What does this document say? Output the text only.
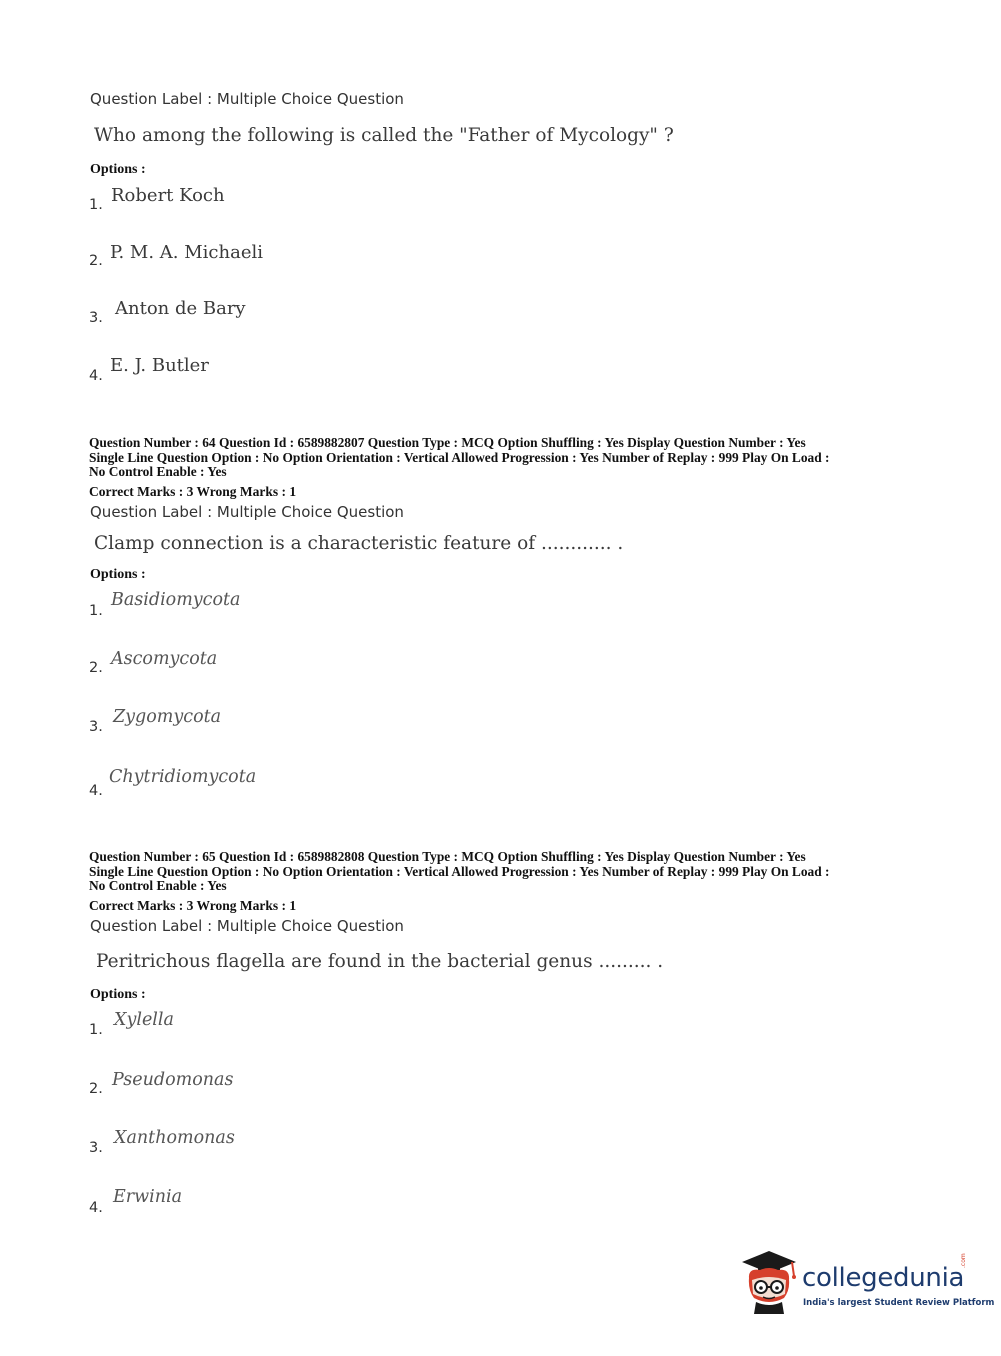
Question Label : Multiple Choice Question
Who among the following is called the "Father of Mycology" ?
Options :
1. Robert Koch
2. P. M. A. Michaeli
3. Anton de Bary
4. E. J. Butler
Question Number : 64 Question Id : 6589882807 Question Type : MCQ Option Shuffling : Yes Display Question Number : Yes
Single Line Question Option : No Option Orientation : Vertical Allowed Progression : Yes Number of Replay : 999 Play On Load :
No Control Enable : Yes
Correct Marks : 3 Wrong Marks : 1
Question Label : Multiple Choice Question
Clamp connection is a characteristic feature of ............ .
Options :
1.
Basidiomycota
2. Ascomycota
3. Zygomycota
4.
Chytridiomycota
Question Number : 65 Question Id : 6589882808 Question Type : MCQ Option Shuffling : Yes Display Question Number : Yes
Single Line Question Option : No Option Orientation : Vertical Allowed Progression : Yes Number of Replay : 999 Play On Load :
No Control Enable : Yes
Correct Marks : 3 Wrong Marks : 1
Question Label : Multiple Choice Question
Peritrichous flagella are found in the bacterial genus ......... .
Options :
1. Xylella
2. Pseudomonas
3. Xanthomonas
4.
Erwinia
collegedunia
.com
India's largest Student Review Platform
